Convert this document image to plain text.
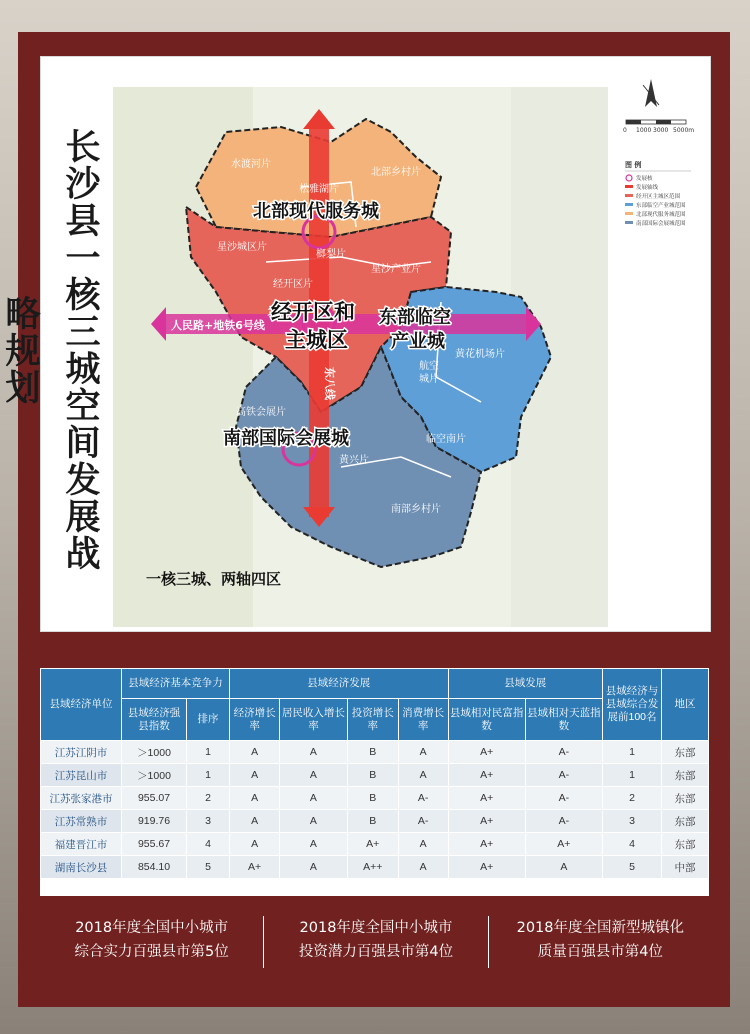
水渡河片
北部乡村片
松雅湖片
榔梨片
星沙城区片
星沙产业片
经开区片
黄花机场片
航空
城片
高铁会展片
临空南片
黄兴片
南部乡村片
北部现代服务城
经开区和
主城区
东部临空
产业城
南部国际会展城
人民路+地铁6号线
东八线
一核三城、两轴四区
0 1000 3000 5000m
图 例
发展核
发展轴线
经开区主城区范围
东部临空产业城范围
北部现代服务城范围
南部国际会展城范围
长沙县一核三城空间发展战略规划
县域经济单位	县域经济基本竞争力		县域经济发展				县域发展		县域经济与县域综合发展前100名	地区
	县域经济强县指数	排序	经济增长率	居民收入增长率	投资增长率	消费增长率	县域相对民富指数	县域相对天蓝指数		
江苏江阴市	＞1000	1	A	A	B	A	A+	A-	1	东部
江苏昆山市	＞1000	1	A	A	B	A	A+	A-	1	东部
江苏张家港市	955.07	2	A	A	B	A-	A+	A-	2	东部
江苏常熟市	919.76	3	A	A	B	A-	A+	A-	3	东部
福建晋江市	955.67	4	A	A	A+	A	A+	A+	4	东部
湖南长沙县	854.10	5	A+	A	A++	A	A+	A	5	中部
2018年度全国中小城市
综合实力百强县市第5位
2018年度全国中小城市
投资潜力百强县市第4位
2018年度全国新型城镇化
质量百强县市第4位
